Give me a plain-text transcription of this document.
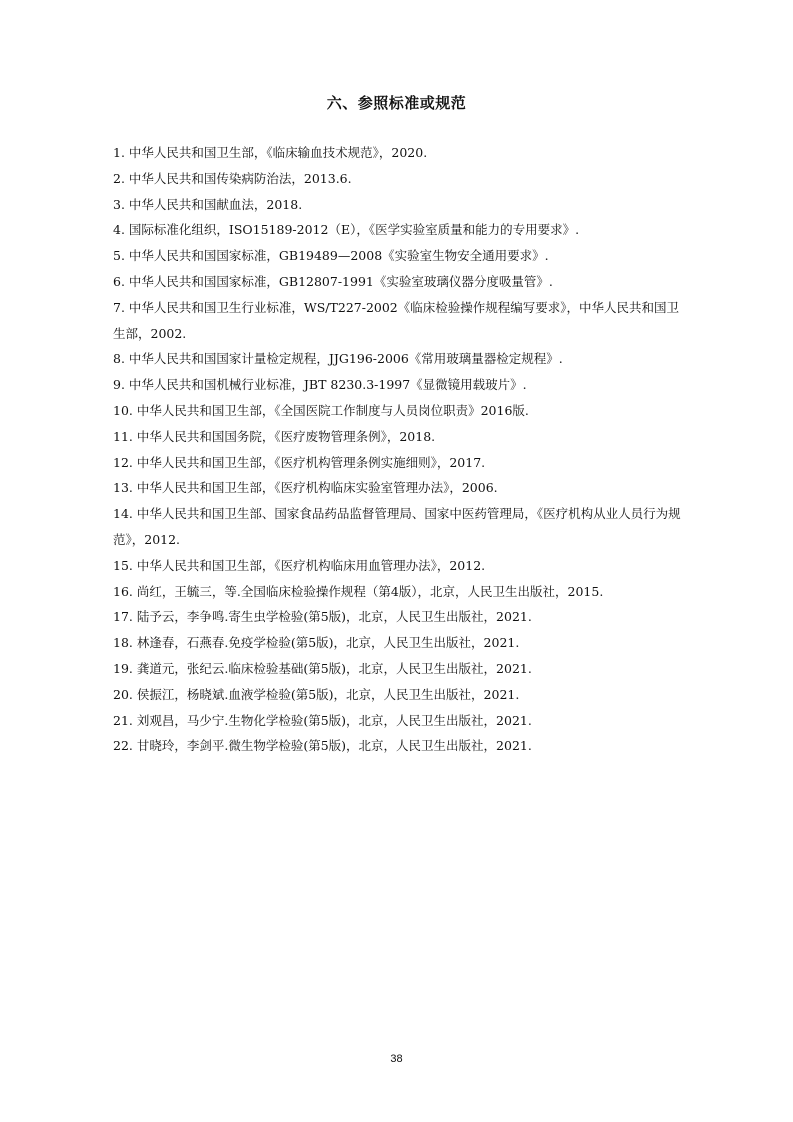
六、参照标准或规范
1. 中华人民共和国卫生部，《临床输血技术规范》，2020.
2. 中华人民共和国传染病防治法，2013.6.
3. 中华人民共和国献血法，2018.
4. 国际标准化组织，ISO15189-2012（E），《医学实验室质量和能力的专用要求》.
5. 中华人民共和国国家标准，GB19489—2008《实验室生物安全通用要求》.
6. 中华人民共和国国家标准，GB12807-1991《实验室玻璃仪器分度吸量管》.
7. 中华人民共和国卫生行业标准，WS/T227-2002《临床检验操作规程编写要求》，中华人民共和国卫生部，2002.
8. 中华人民共和国国家计量检定规程，JJG196-2006《常用玻璃量器检定规程》.
9. 中华人民共和国机械行业标准，JBT 8230.3-1997《显微镜用载玻片》.
10. 中华人民共和国卫生部，《全国医院工作制度与人员岗位职责》2016版.
11. 中华人民共和国国务院，《医疗废物管理条例》，2018.
12. 中华人民共和国卫生部，《医疗机构管理条例实施细则》，2017.
13. 中华人民共和国卫生部，《医疗机构临床实验室管理办法》，2006.
14. 中华人民共和国卫生部、国家食品药品监督管理局、国家中医药管理局，《医疗机构从业人员行为规范》，2012.
15. 中华人民共和国卫生部，《医疗机构临床用血管理办法》，2012.
16. 尚红，王毓三，等.全国临床检验操作规程（第4版），北京，人民卫生出版社，2015.
17. 陆予云，李争鸣.寄生虫学检验(第5版)，北京，人民卫生出版社，2021.
18. 林逢春，石燕春.免疫学检验(第5版)，北京，人民卫生出版社，2021.
19. 龚道元，张纪云.临床检验基础(第5版)，北京，人民卫生出版社，2021.
20. 侯振江，杨晓斌.血液学检验(第5版)，北京，人民卫生出版社，2021.
21. 刘观昌，马少宁.生物化学检验(第5版)，北京，人民卫生出版社，2021.
22. 甘晓玲，李剑平.微生物学检验(第5版)，北京，人民卫生出版社，2021.
38
